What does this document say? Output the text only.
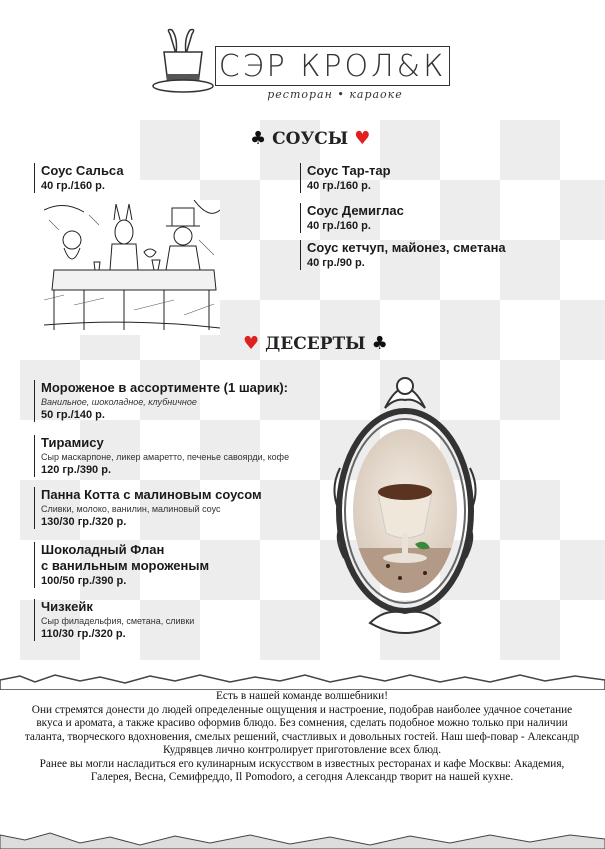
СЭР КРОЛ&К
ресторан • караоке
♣ СОУСЫ ♥
Соус Сальса
40 гр./160 р.
Соус Тар-тар
40 гр./160 р.
Соус Демиглас
40 гр./160 р.
Соус кетчуп, майонез, сметана
40 гр./90 р.
♥ ДЕСЕРТЫ ♣
Мороженое в ассортименте (1 шарик):
Ванильное, шоколадное, клубничное
50 гр./140 р.
Тирамису
Сыр маскарпоне, ликер амаретто, печенье савоярди, кофе
120 гр./390 р.
Панна Котта с малиновым соусом
Сливки, молоко, ванилин, малиновый соус
130/30 гр./320 р.
Шоколадный Флан
с ванильным мороженым
100/50 гр./390 р.
Чизкейк
Сыр филадельфия, сметана, сливки
110/30 гр./320 р.

Есть в нашей команде волшебники!

Они стремятся донести до людей определенные ощущения и настроение, подобрав наиболее удачное сочетание вкуса и аромата, а также красиво оформив блюдо. Без сомнения, сделать подобное можно только при наличии таланта, творческого вдохновения, смелых решений, счастливых и довольных гостей. Наш шеф-повар - Александр Кудрявцев лично контролирует приготовление всех блюд.

Ранее вы могли насладиться его кулинарным искусством в известных ресторанах и кафе Москвы: Академия, Галерея, Весна, Семифреддо, Il Pomodoro, а сегодня Александр творит на нашей кухне.
